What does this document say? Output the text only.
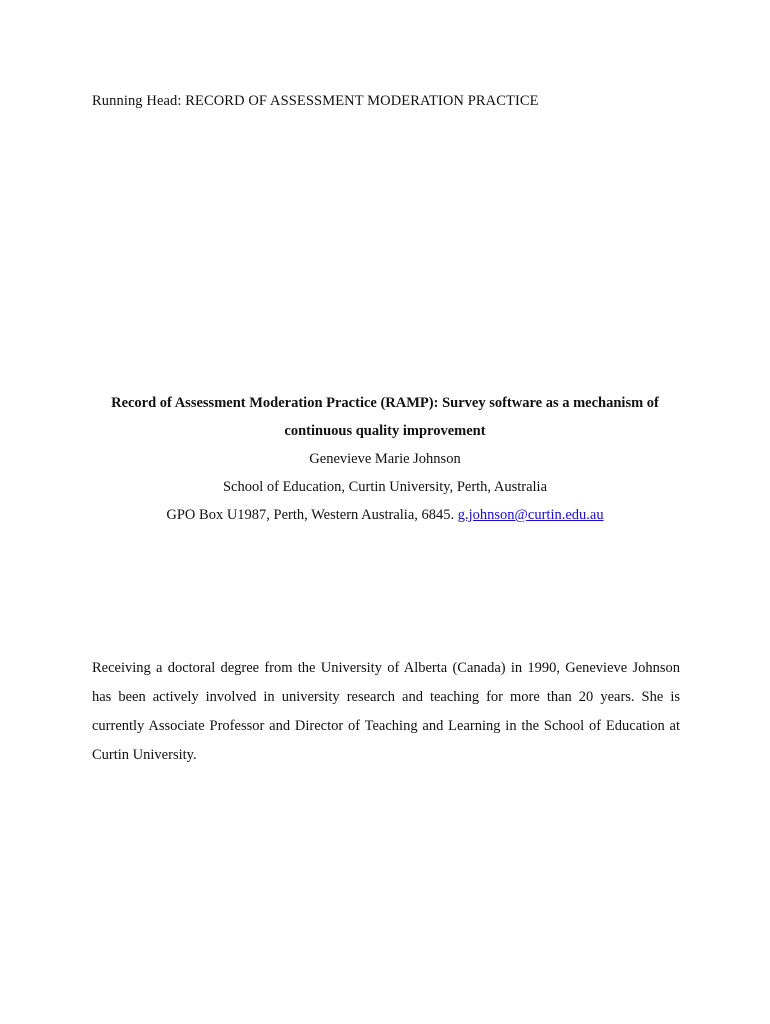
Running Head: RECORD OF ASSESSMENT MODERATION PRACTICE
Record of Assessment Moderation Practice (RAMP): Survey software as a mechanism of
continuous quality improvement
Genevieve Marie Johnson
School of Education, Curtin University, Perth, Australia
GPO Box U1987, Perth, Western Australia, 6845. g.johnson@curtin.edu.au
Receiving a doctoral degree from the University of Alberta (Canada) in 1990, Genevieve Johnson has been actively involved in university research and teaching for more than 20 years. She is currently Associate Professor and Director of Teaching and Learning in the School of Education at Curtin University.
